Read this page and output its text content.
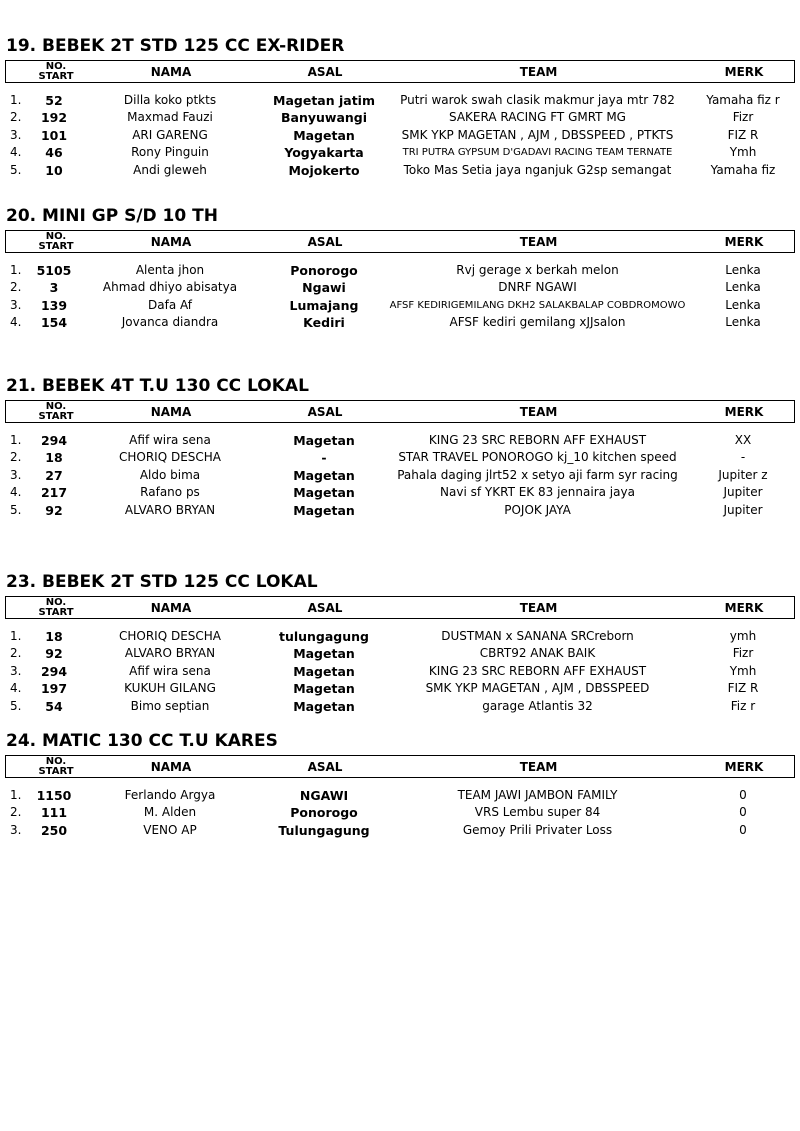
19. BEBEK 2T STD 125 CC EX-RIDER
NO.
START	NAMA	ASAL	TEAM	MERK
1.	52	Dilla koko ptkts	Magetan jatim	Putri warok swah clasik makmur jaya mtr 782	Yamaha fiz r
2.	192	Maxmad Fauzi	Banyuwangi	SAKERA RACING FT GMRT MG	Fizr
3.	101	ARI GARENG	Magetan	SMK YKP MAGETAN , AJM , DBSSPEED , PTKTS	FIZ R
4.	46	Rony Pinguin	Yogyakarta	TRI PUTRA GYPSUM D'GADAVI RACING TEAM TERNATE	Ymh
5.	10	Andi gleweh	Mojokerto	Toko Mas Setia jaya nganjuk G2sp semangat	Yamaha fiz
20. MINI GP S/D 10 TH
NO.
START	NAMA	ASAL	TEAM	MERK
1.	5105	Alenta jhon	Ponorogo	Rvj gerage x berkah melon	Lenka
2.	3	Ahmad dhiyo abisatya	Ngawi	DNRF NGAWI	Lenka
3.	139	Dafa Af	Lumajang	AFSF KEDIRIGEMILANG DKH2 SALAKBALAP COBDROMOWO	Lenka
4.	154	Jovanca diandra	Kediri	AFSF kediri gemilang xJJsalon	Lenka
21. BEBEK 4T T.U 130 CC LOKAL
NO.
START	NAMA	ASAL	TEAM	MERK
1.	294	Afif wira sena	Magetan	KING 23 SRC REBORN AFF EXHAUST	XX
2.	18	CHORIQ DESCHA	-	STAR TRAVEL PONOROGO kj_10 kitchen speed	-
3.	27	Aldo bima	Magetan	Pahala daging jlrt52 x setyo aji farm syr racing	Jupiter z
4.	217	Rafano ps	Magetan	Navi sf YKRT EK 83 jennaira jaya	Jupiter
5.	92	ALVARO BRYAN	Magetan	POJOK JAYA	Jupiter
23. BEBEK 2T STD 125 CC LOKAL
NO.
START	NAMA	ASAL	TEAM	MERK
1.	18	CHORIQ DESCHA	tulungagung	DUSTMAN x SANANA SRCreborn	ymh
2.	92	ALVARO BRYAN	Magetan	CBRT92 ANAK BAIK	Fizr
3.	294	Afif wira sena	Magetan	KING 23 SRC REBORN AFF EXHAUST	Ymh
4.	197	KUKUH GILANG	Magetan	SMK YKP MAGETAN , AJM , DBSSPEED	FIZ R
5.	54	Bimo septian	Magetan	garage Atlantis 32	Fiz r
24. MATIC 130 CC T.U KARES
NO.
START	NAMA	ASAL	TEAM	MERK
1.	1150	Ferlando Argya	NGAWI	TEAM JAWI JAMBON FAMILY	0
2.	111	M. Alden	Ponorogo	VRS Lembu super 84	0
3.	250	VENO AP	Tulungagung	Gemoy Prili Privater Loss	0
